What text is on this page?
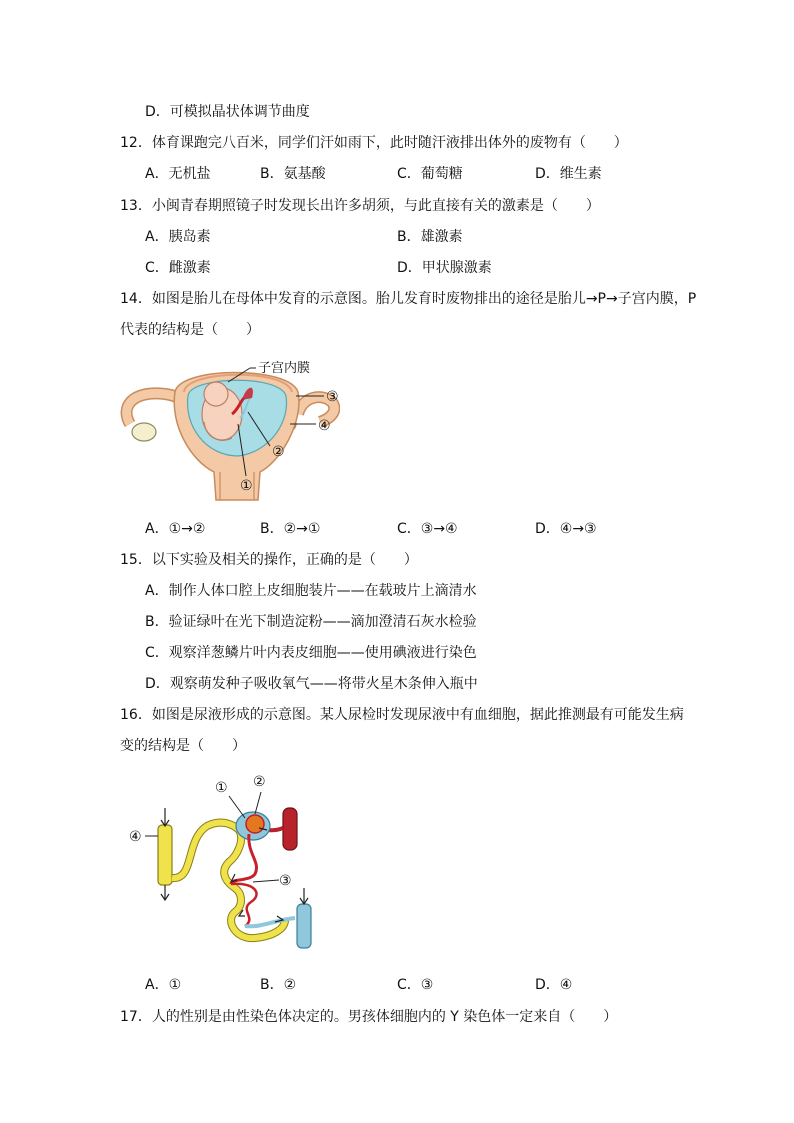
D．可模拟晶状体调节曲度
12．体育课跑完八百米，同学们汗如雨下，此时随汗液排出体外的废物有（　　）
A．无机盐	B．氨基酸	C．葡萄糖	D．维生素
13．小闽青春期照镜子时发现长出许多胡须，与此直接有关的激素是（　　）
A．胰岛素	B．雄激素
C．雌激素	D．甲状腺激素
14．如图是胎儿在母体中发育的示意图。胎儿发育时废物排出的途径是胎儿→P→子宫内膜，P
代表的结构是（　　）
子宫内膜
③
④
②
①
A．①→②	B．②→①	C．③→④	D．④→③
15．以下实验及相关的操作，正确的是（　　）
A．制作人体口腔上皮细胞装片——在载玻片上滴清水
B．验证绿叶在光下制造淀粉——滴加澄清石灰水检验
C．观察洋葱鳞片叶内表皮细胞——使用碘液进行染色
D．观察萌发种子吸收氧气——将带火星木条伸入瓶中
16．如图是尿液形成的示意图。某人尿检时发现尿液中有血细胞，据此推测最有可能发生病
变的结构是（　　）
① ②
③
④
A．①	B．②	C．③	D．④
17．人的性别是由性染色体决定的。男孩体细胞内的 Y 染色体一定来自（　　）
